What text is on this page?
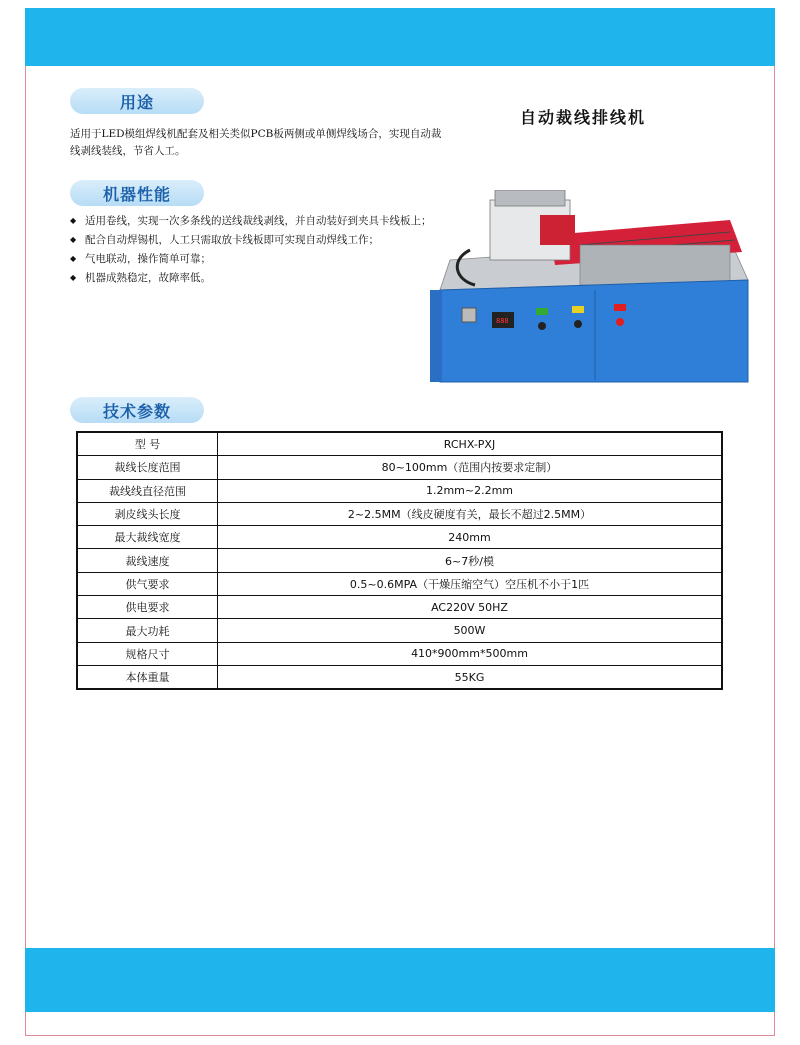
用途
适用于LED模组焊线机配套及相关类似PCB板两侧或单侧焊线场合，实现自动裁线剥线装线，节省人工。
自动裁线排线机
机器性能
◆ 适用卷线，实现一次多条线的送线裁线剥线，并自动装好到夹具卡线板上；
◆ 配合自动焊锡机，人工只需取放卡线板即可实现自动焊线工作；
◆ 气电联动，操作简单可靠；
◆ 机器成熟稳定，故障率低。
888
技术参数
型 号	RCHX-PXJ
裁线长度范围	80~100mm（范围内按要求定制）
裁线线直径范围	1.2mm~2.2mm
剥皮线头长度	2~2.5MM（线皮硬度有关，最长不超过2.5MM）
最大裁线宽度	240mm
裁线速度	6~7秒/模
供气要求	0.5~0.6MPA（干燥压缩空气）空压机不小于1匹
供电要求	AC220V 50HZ
最大功耗	500W
规格尺寸	410*900mm*500mm
本体重量	55KG
